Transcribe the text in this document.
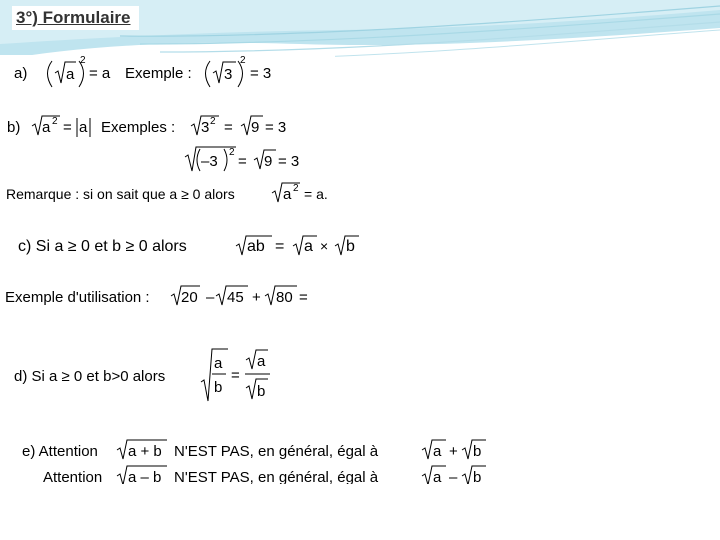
3°) Formulaire
a)	a
2
= a Exemple : 3
2
= 3
b) a 2 = a Exemples : 3 2 = 9 = 3
–3
2
= 9 = 3
Remarque : si on sait que a ≥ 0 alors	a 2 = a.
c) Si a ≥ 0 et b ≥ 0 alors	ab = a × b
Exemple d'utilisation : 20 – 45 + 80 =
d) Si a ≥ 0 et b>0 alors
a
b
=
a
b
e) Attention a + b N'EST PAS, en général, égal à	a + b
Attention a – b N'EST PAS, en général, égal à	a – b
